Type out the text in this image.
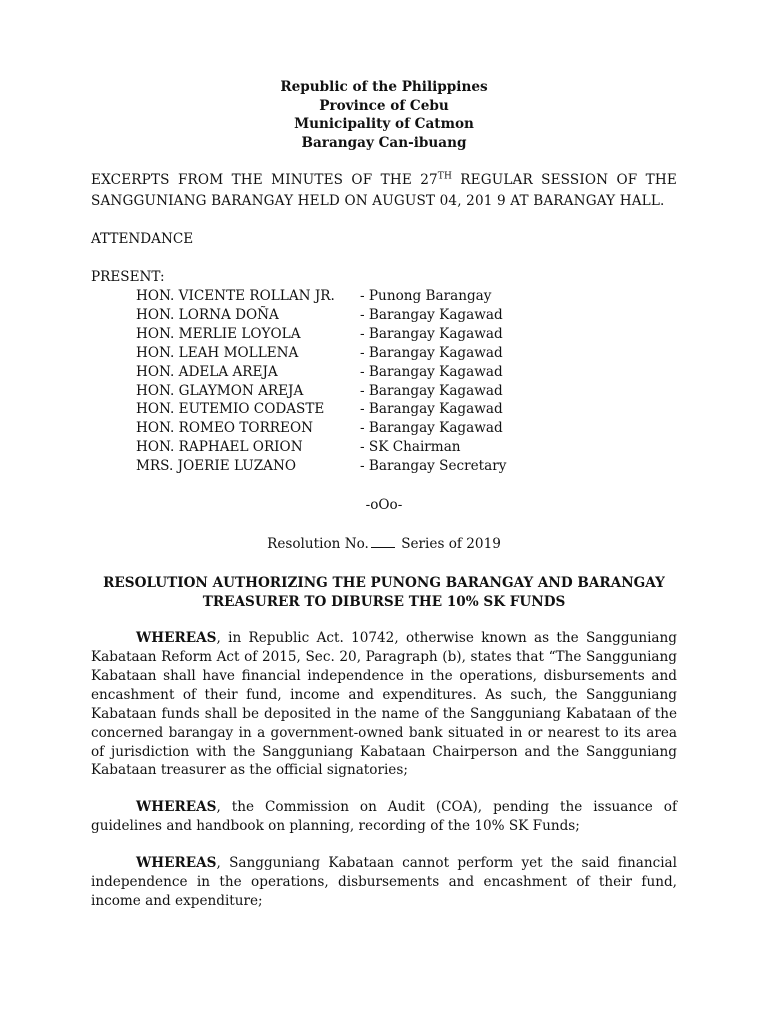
Republic of the Philippines
Province of Cebu
Municipality of Catmon
Barangay Can-ibuang
EXCERPTS FROM THE MINUTES OF THE 27TH REGULAR SESSION OF THE SANGGUNIANG BARANGAY HELD ON AUGUST 04, 201 9 AT BARANGAY HALL.
ATTENDANCE
PRESENT:
HON. VICENTE ROLLAN JR.	- Punong Barangay
HON. LORNA DOÑA	- Barangay Kagawad
HON. MERLIE LOYOLA	- Barangay Kagawad
HON. LEAH MOLLENA	- Barangay Kagawad
HON. ADELA AREJA	- Barangay Kagawad
HON. GLAYMON AREJA	- Barangay Kagawad
HON. EUTEMIO CODASTE	- Barangay Kagawad
HON. ROMEO TORREON	- Barangay Kagawad
HON. RAPHAEL ORION	- SK Chairman
MRS. JOERIE LUZANO	- Barangay Secretary
-oOo-
Resolution No. Series of 2019
RESOLUTION AUTHORIZING THE PUNONG BARANGAY AND BARANGAY
TREASURER TO DIBURSE THE 10% SK FUNDS
WHEREAS, in Republic Act. 10742, otherwise known as the Sangguniang Kabataan Reform Act of 2015, Sec. 20, Paragraph (b), states that “The Sangguniang Kabataan shall have financial independence in the operations, disbursements and encashment of their fund, income and expenditures. As such, the Sangguniang Kabataan funds shall be deposited in the name of the Sangguniang Kabataan of the concerned barangay in a government-owned bank situated in or nearest to its area of jurisdiction with the Sangguniang Kabataan Chairperson and the Sangguniang Kabataan treasurer as the official signatories;
WHEREAS, the Commission on Audit (COA), pending the issuance of guidelines and handbook on planning, recording of the 10% SK Funds;
WHEREAS, Sangguniang Kabataan cannot perform yet the said financial independence in the operations, disbursements and encashment of their fund, income and expenditure;
